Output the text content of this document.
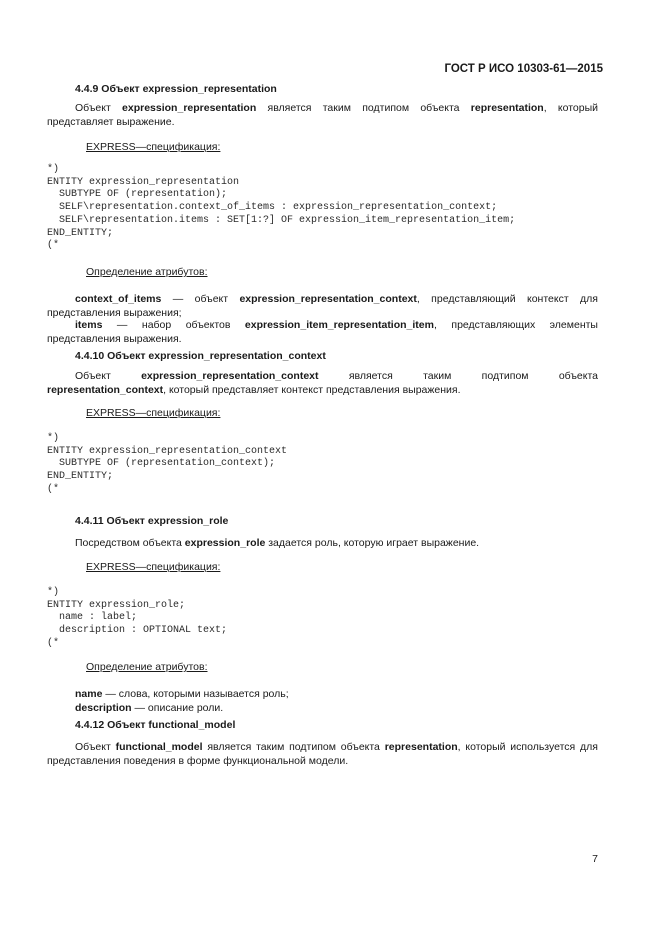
ГОСТ Р ИСО 10303-61—2015

4.4.9 Объект expression_representation

Объект expression_representation является таким подтипом объекта representation, который представляет выражение.

EXPRESS—спецификация:

*)
ENTITY expression_representation
SUBTYPE OF (representation);
SELF\representation.context_of_items : expression_representation_context;
SELF\representation.items : SET[1:?] OF expression_item_representation_item;
END_ENTITY;
(*

Определение атрибутов:

context_of_items — объект expression_representation_context, представляющий контекст для представления выражения;

items — набор объектов expression_item_representation_item, представляющих элементы представления выражения.

4.4.10 Объект expression_representation_context

Объект expression_representation_context является таким подтипом объекта

representation_context, который представляет контекст представления выражения.

EXPRESS—спецификация:

*)
ENTITY expression_representation_context
SUBTYPE OF (representation_context);
END_ENTITY;
(*

4.4.11 Объект expression_role

Посредством объекта expression_role задается роль, которую играет выражение.

EXPRESS—спецификация:

*)
ENTITY expression_role;
name : label;
description : OPTIONAL text;
(*

Определение атрибутов:

name — слова, которыми называется роль;

description — описание роли.

4.4.12 Объект functional_model

Объект functional_model является таким подтипом объекта representation, который используется для представления поведения в форме функциональной модели.

7
